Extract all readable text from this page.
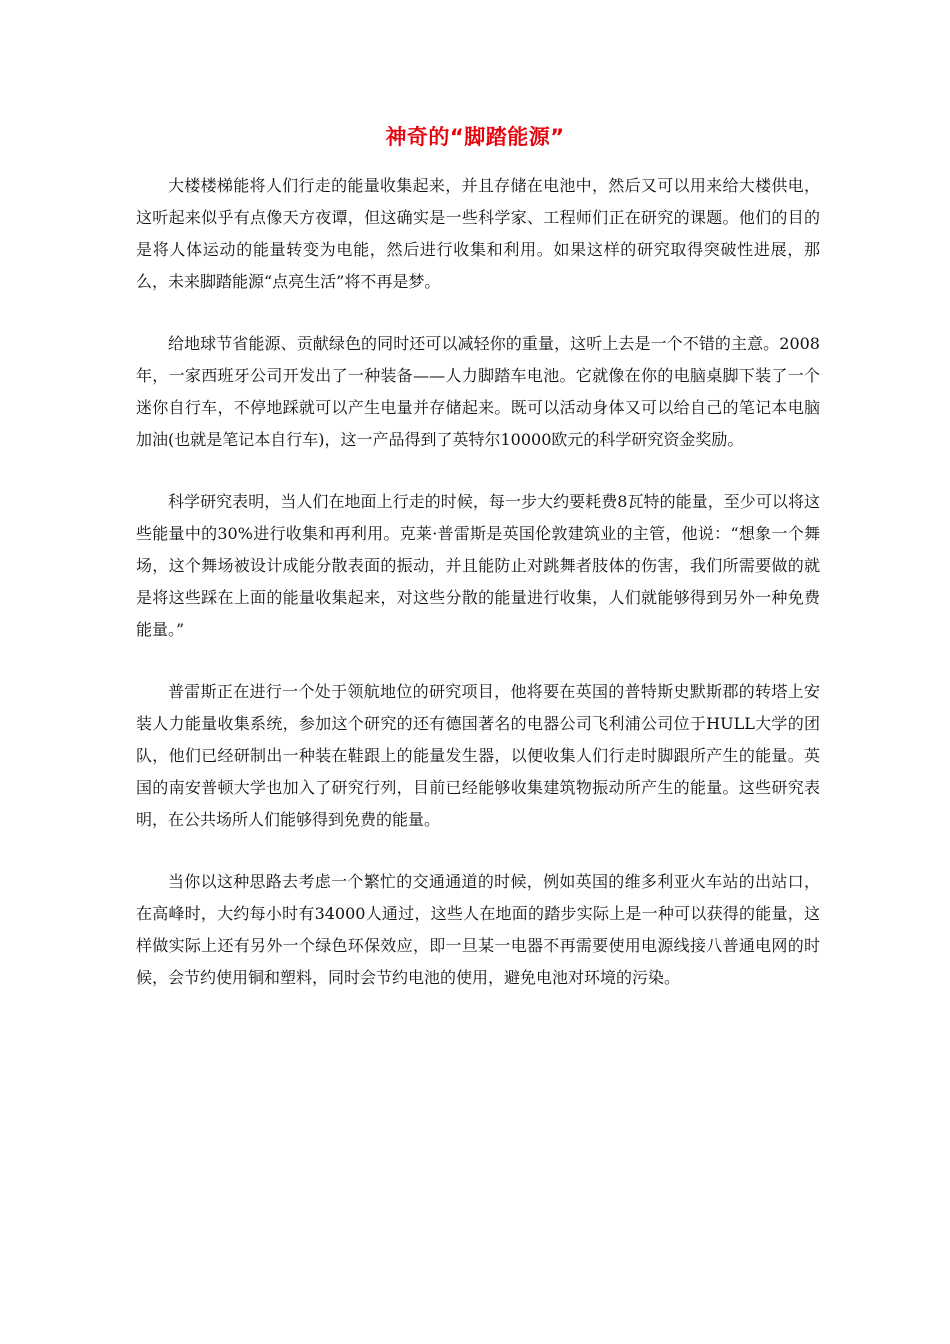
神奇的“脚踏能源”

大楼楼梯能将人们行走的能量收集起来，并且存储在电池中，然后又可以用来给大楼供电，这听起来似乎有点像天方夜谭，但这确实是一些科学家、工程师们正在研究的课题。他们的目的是将人体运动的能量转变为电能，然后进行收集和利用。如果这样的研究取得突破性进展，那么，未来脚踏能源“点亮生活”将不再是梦。

给地球节省能源、贡献绿色的同时还可以减轻你的重量，这听上去是一个不错的主意。2008年，一家西班牙公司开发出了一种装备——人力脚踏车电池。它就像在你的电脑桌脚下装了一个迷你自行车，不停地踩就可以产生电量并存储起来。既可以活动身体又可以给自己的笔记本电脑加油(也就是笔记本自行车)，这一产品得到了英特尔10000欧元的科学研究资金奖励。

科学研究表明，当人们在地面上行走的时候，每一步大约要耗费8瓦特的能量，至少可以将这些能量中的30%进行收集和再利用。克莱·普雷斯是英国伦敦建筑业的主管，他说：“想象一个舞场，这个舞场被设计成能分散表面的振动，并且能防止对跳舞者肢体的伤害，我们所需要做的就是将这些踩在上面的能量收集起来，对这些分散的能量进行收集，人们就能够得到另外一种免费能量。”

普雷斯正在进行一个处于领航地位的研究项目，他将要在英国的普特斯史默斯郡的转塔上安装人力能量收集系统，参加这个研究的还有德国著名的电器公司飞利浦公司位于HULL大学的团队，他们已经研制出一种装在鞋跟上的能量发生器，以便收集人们行走时脚跟所产生的能量。英国的南安普顿大学也加入了研究行列，目前已经能够收集建筑物振动所产生的能量。这些研究表明，在公共场所人们能够得到免费的能量。

当你以这种思路去考虑一个繁忙的交通通道的时候，例如英国的维多利亚火车站的出站口，在高峰时，大约每小时有34000人通过，这些人在地面的踏步实际上是一种可以获得的能量，这样做实际上还有另外一个绿色环保效应，即一旦某一电器不再需要使用电源线接八普通电网的时候，会节约使用铜和塑料，同时会节约电池的使用，避免电池对环境的污染。
